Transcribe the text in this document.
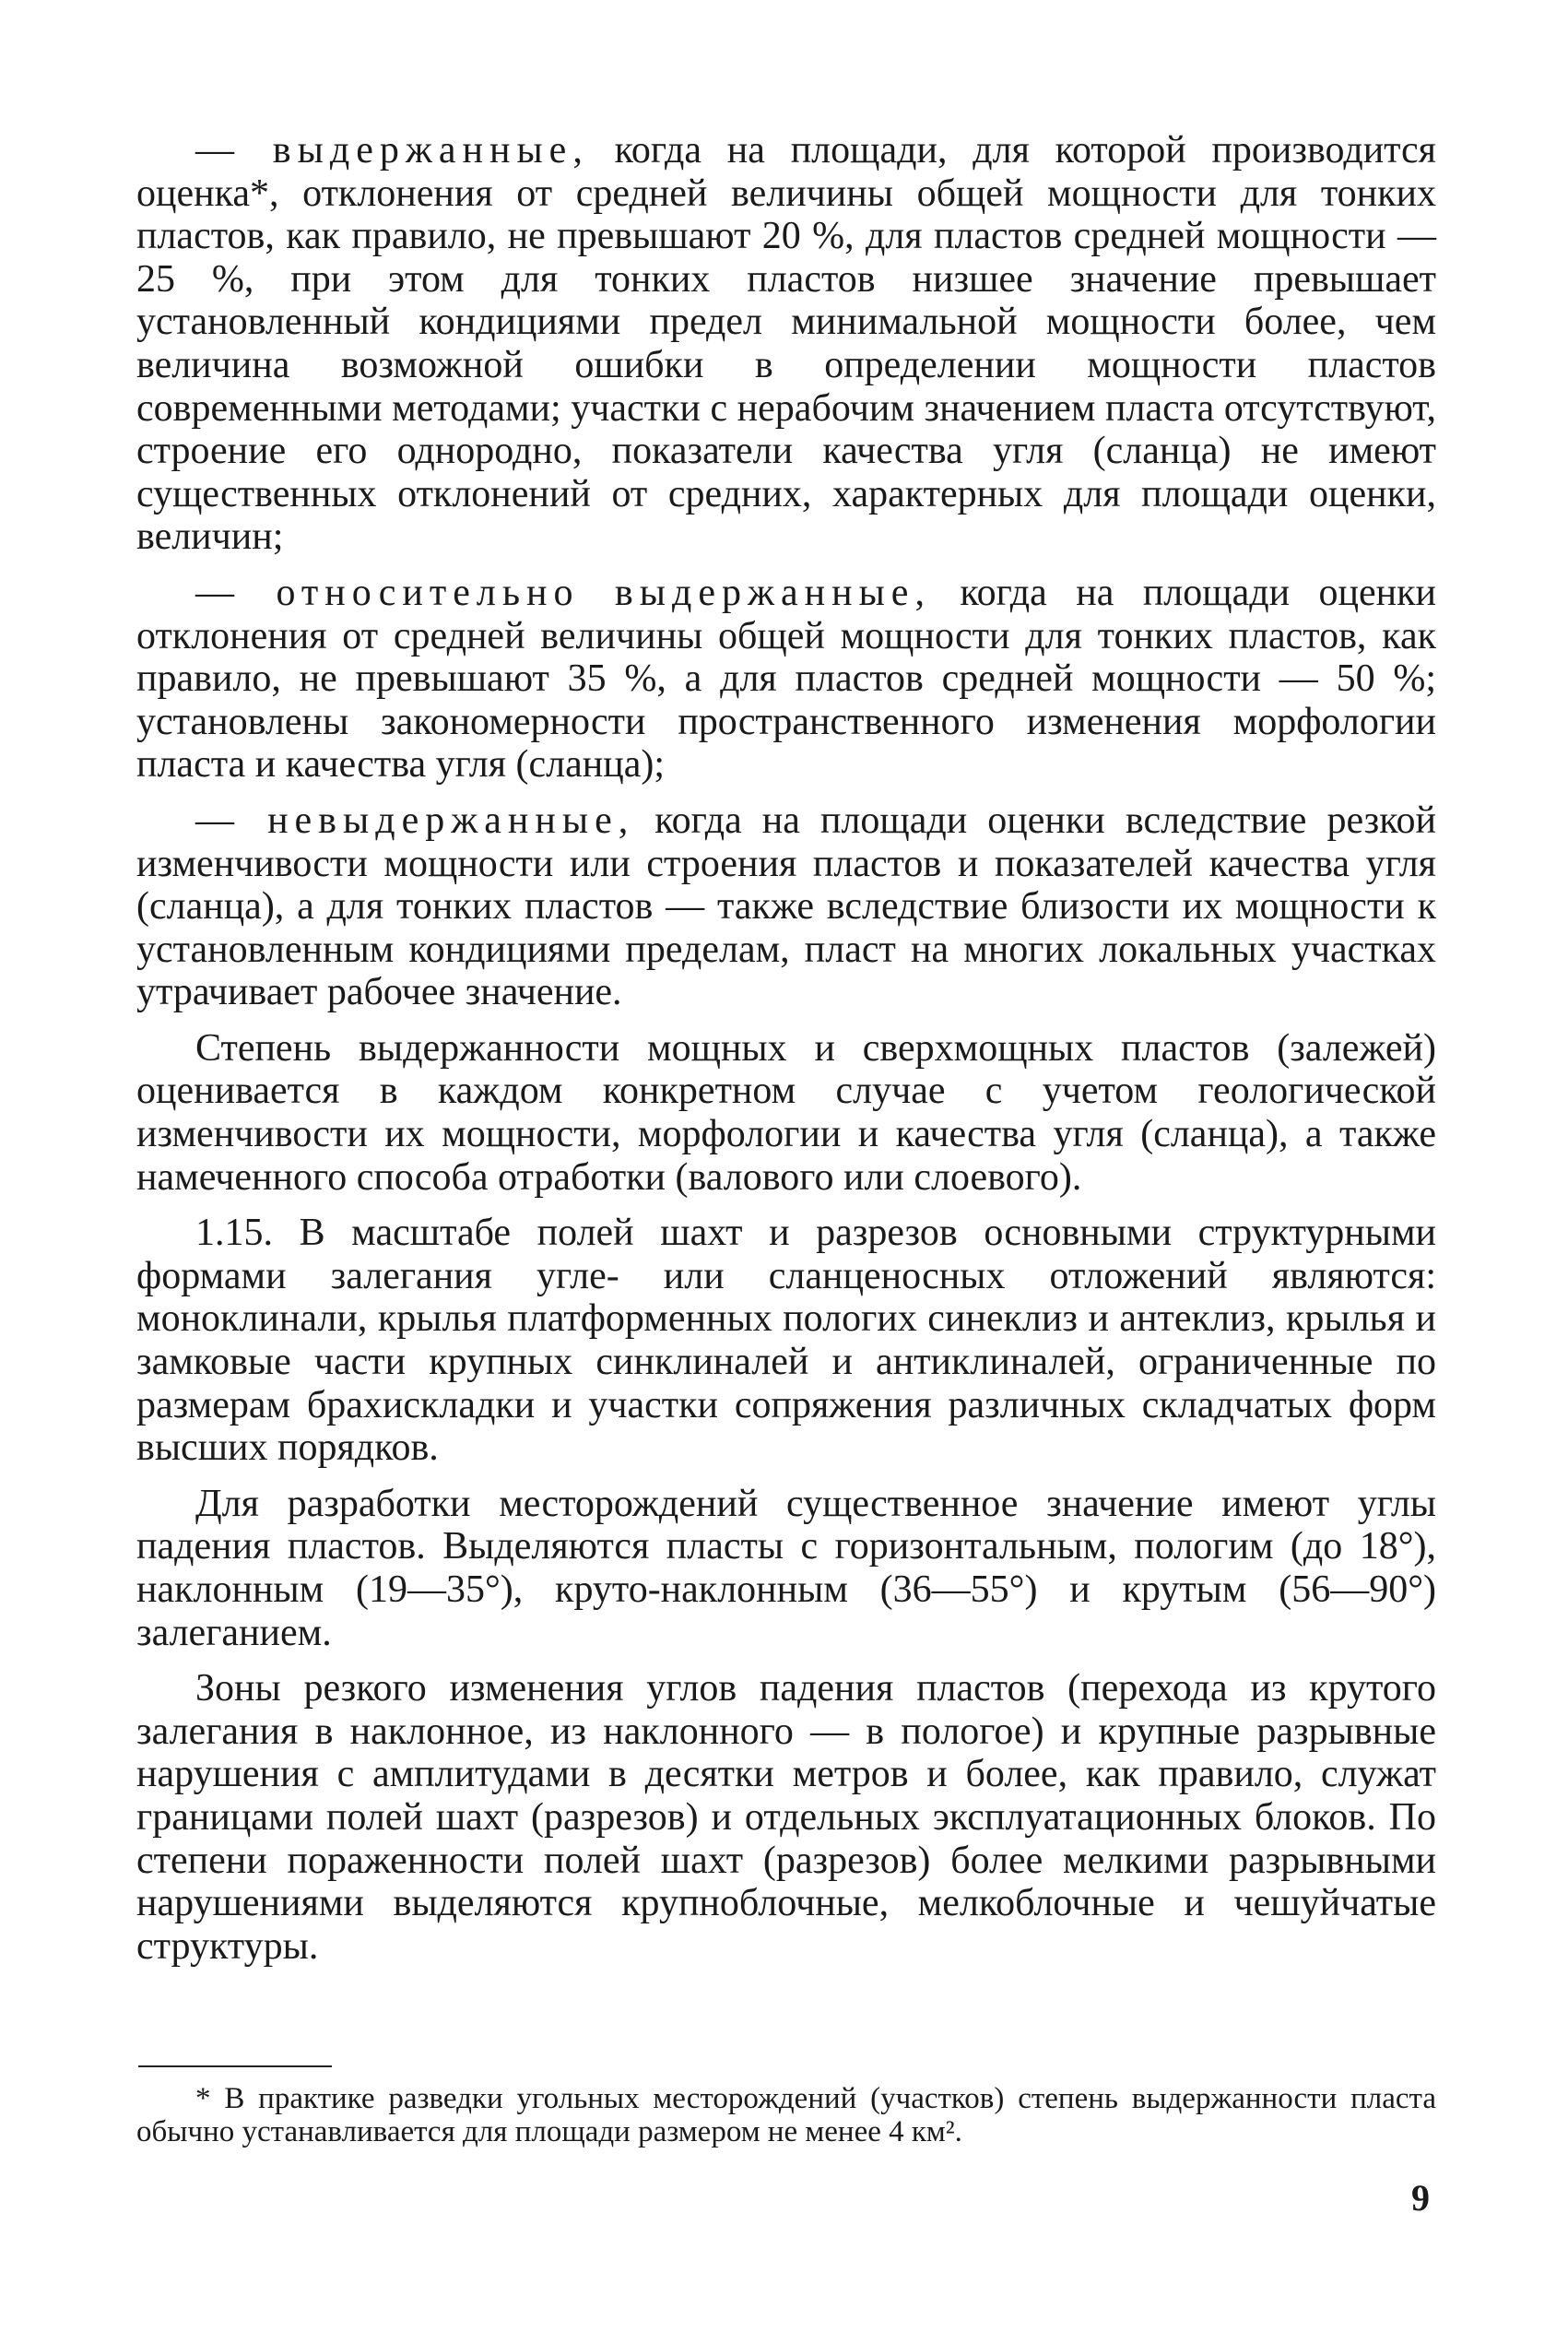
— выдержанные, когда на площади, для которой производится оценка*, отклонения от средней величины общей мощности для тонких пластов, как правило, не превышают 20 %, для пластов средней мощности — 25 %, при этом для тонких пластов низшее значение превышает установленный кондициями предел минимальной мощности более, чем величина возможной ошибки в определении мощности пластов современными методами; участки с нерабочим значением пласта отсутствуют, строение его однородно, показатели качества угля (сланца) не имеют существенных отклонений от средних, характерных для площади оценки, величин;

— относительно выдержанные, когда на площади оценки отклонения от средней величины общей мощности для тонких пластов, как правило, не превышают 35 %, а для пластов средней мощности — 50 %; установлены закономерности пространственного изменения морфологии пласта и качества угля (сланца);

— невыдержанные, когда на площади оценки вследствие резкой изменчивости мощности или строения пластов и показателей качества угля (сланца), а для тонких пластов — также вследствие близости их мощности к установленным кондициями пределам, пласт на многих локальных участках утрачивает рабочее значение.

Степень выдержанности мощных и сверхмощных пластов (залежей) оценивается в каждом конкретном случае с учетом геологической изменчивости их мощности, морфологии и качества угля (сланца), а также намеченного способа отработки (валового или слоевого).

1.15. В масштабе полей шахт и разрезов основными структурными формами залегания угле- или сланценосных отложений являются: моноклинали, крылья платформенных пологих синеклиз и антеклиз, крылья и замковые части крупных синклиналей и антиклиналей, ограниченные по размерам брахискладки и участки сопряжения различных складчатых форм высших порядков.

Для разработки месторождений существенное значение имеют углы падения пластов. Выделяются пласты с горизонтальным, пологим (до 18°), наклонным (19—35°), круто-наклонным (36—55°) и крутым (56—90°) залеганием.

Зоны резкого изменения углов падения пластов (перехода из крутого залегания в наклонное, из наклонного — в пологое) и крупные разрывные нарушения с амплитудами в десятки метров и более, как правило, служат границами полей шахт (разрезов) и отдельных эксплуатационных блоков. По степени пораженности полей шахт (разрезов) более мелкими разрывными нарушениями выделяются крупноблочные, мелкоблочные и чешуйчатые структуры.

* В практике разведки угольных месторождений (участков) степень выдержанности пласта обычно устанавливается для площади размером не менее 4 км².

9
